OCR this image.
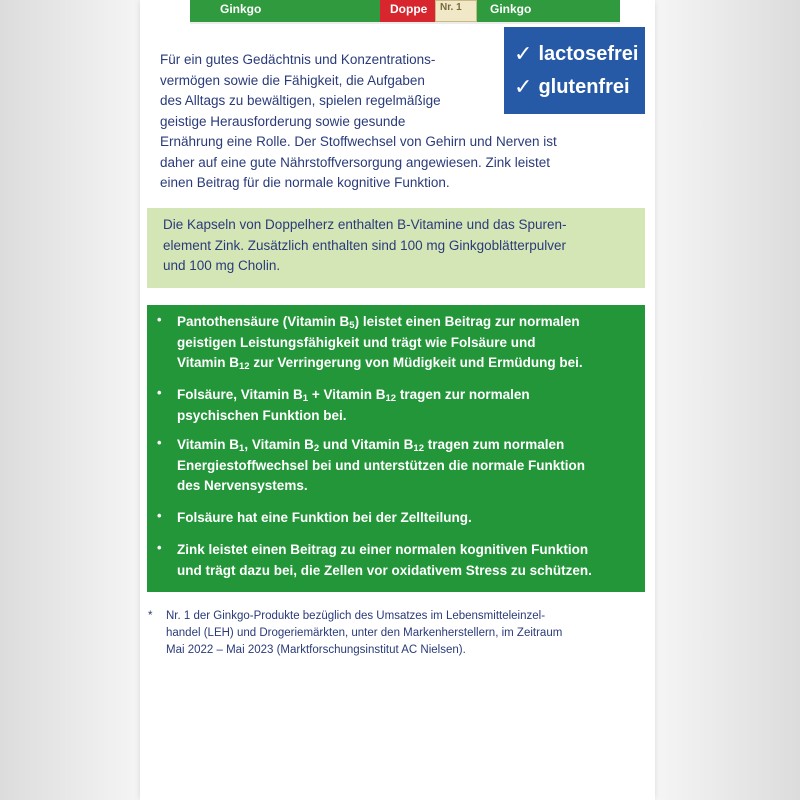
Ginkgo	Doppe Nr. 1 Ginkgo
Für ein gutes Gedächtnis und Konzentrations-
vermögen sowie die Fähigkeit, die Aufgaben
des Alltags zu bewältigen, spielen regelmäßige
geistige Herausforderung sowie gesunde
Ernährung eine Rolle. Der Stoffwechsel von Gehirn und Nerven ist
daher auf eine gute Nährstoffversorgung angewiesen. Zink leistet
einen Beitrag für die normale kognitive Funktion.
✓ lactosefrei
✓ glutenfrei
Die Kapseln von Doppelherz enthalten B-Vitamine und das Spuren-
element Zink. Zusätzlich enthalten sind 100 mg Ginkgoblätterpulver
und 100 mg Cholin.
• Pantothensäure (Vitamin $B_5$) leistet einen Beitrag zur normalen
geistigen Leistungsfähigkeit und trägt wie Folsäure und
Vitamin $B_{12}$ zur Verringerung von Müdigkeit und Ermüdung bei.
• Folsäure, Vitamin $B_1$ + Vitamin $B_{12}$ tragen zur normalen
psychischen Funktion bei.
• Vitamin $B_1$, Vitamin $B_2$ und Vitamin $B_{12}$ tragen zum normalen
Energiestoffwechsel bei und unterstützen die normale Funktion
des Nervensystems.
• Folsäure hat eine Funktion bei der Zellteilung.
• Zink leistet einen Beitrag zu einer normalen kognitiven Funktion
und trägt dazu bei, die Zellen vor oxidativem Stress zu schützen.
* Nr. 1 der Ginkgo-Produkte bezüglich des Umsatzes im Lebensmitteleinzel-
handel (LEH) und Drogeriemärkten, unter den Markenherstellern, im Zeitraum
Mai 2022 – Mai 2023 (Marktforschungsinstitut AC Nielsen).
